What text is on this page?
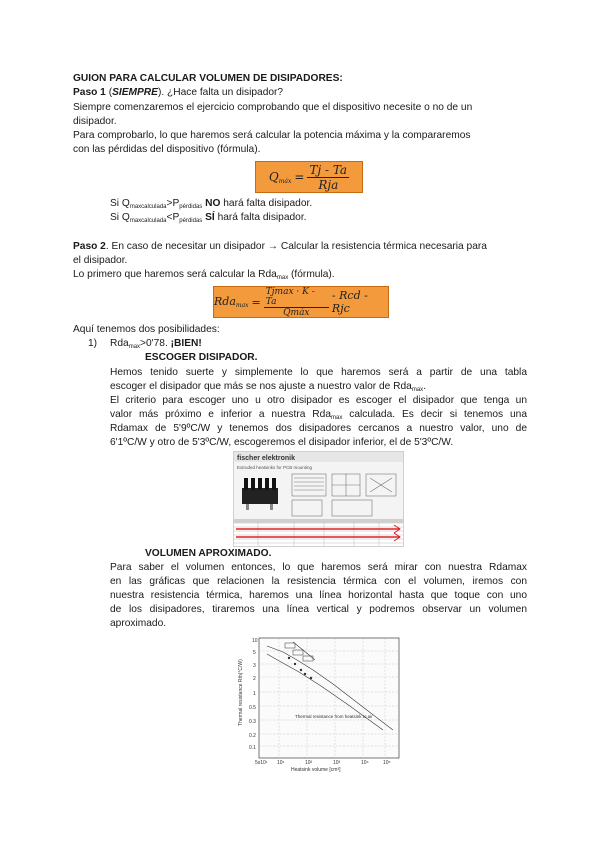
GUION PARA CALCULAR VOLUMEN DE DISIPADORES:
Paso 1 (SIEMPRE). ¿Hace falta un disipador?
Siempre comenzaremos el ejercicio comprobando que el dispositivo necesite o no de un
disipador.
Para comprobarlo, lo que haremos será calcular la potencia máxima y la compararemos
con las pérdidas del dispositivo (fórmula).
$Q_{máx} = \frac{Tj - Ta}{\text{Rja}}$
Si $Q_{maxcalculada}>P_{pérdidas}$ NO hará falta disipador.
Si $Q_{maxcalculada}<P_{pérdidas}$ SÍ hará falta disipador.
Paso 2. En caso de necesitar un disipador → Calcular la resistencia térmica necesaria para
el disipador.
Lo primero que haremos será calcular la Rda$_{max}$ (fórmula).
$Rda_{max} = \frac{Tjmax \cdot K - Ta}{\text{Qmáx}}$ - Rcd - Rjc
Aquí tenemos dos posibilidades:
1) Rda$_{max}$>0'78. ¡BIEN!
ESCOGER DISIPADOR.
Hemos tenido suerte y simplemente lo que haremos será a partir de una tabla
escoger el disipador que más se nos ajuste a nuestro valor de Rda$_{max}$.
El criterio para escoger uno u otro disipador es escoger el disipador que tenga un
valor más próximo e inferior a nuestra Rda$_{max}$ calculada. Es decir si tenemos una
Rdamax de 5'9ºC/W y tenemos dos disipadores cercanos a nuestro valor, uno de
6'1ºC/W y otro de 5'3ºC/W, escogeremos el disipador inferior, el de 5'3ºC/W.
fischer elektronik
Extruded heatsinks for PCB mounting
VOLUMEN APROXIMADO.
Para saber el volumen entonces, lo que haremos será mirar con nuestra Rdamax
en las gráficas que relacionen la resistencia térmica con el volumen, iremos con
nuestra resistencia térmica, haremos una línea horizontal hasta que toque con uno
de los disipadores, tiraremos una línea vertical y podremos observar un volumen
aproximado.
Thermal resistance Rth(°C/W)
10
5
3
2
1
0.5
0.3
0.2
0.1
5x10¹ 10¹	10²	10³	10⁴	10⁵
Heatsink volume [cm³]
Thermal resistance from heatsink to air
